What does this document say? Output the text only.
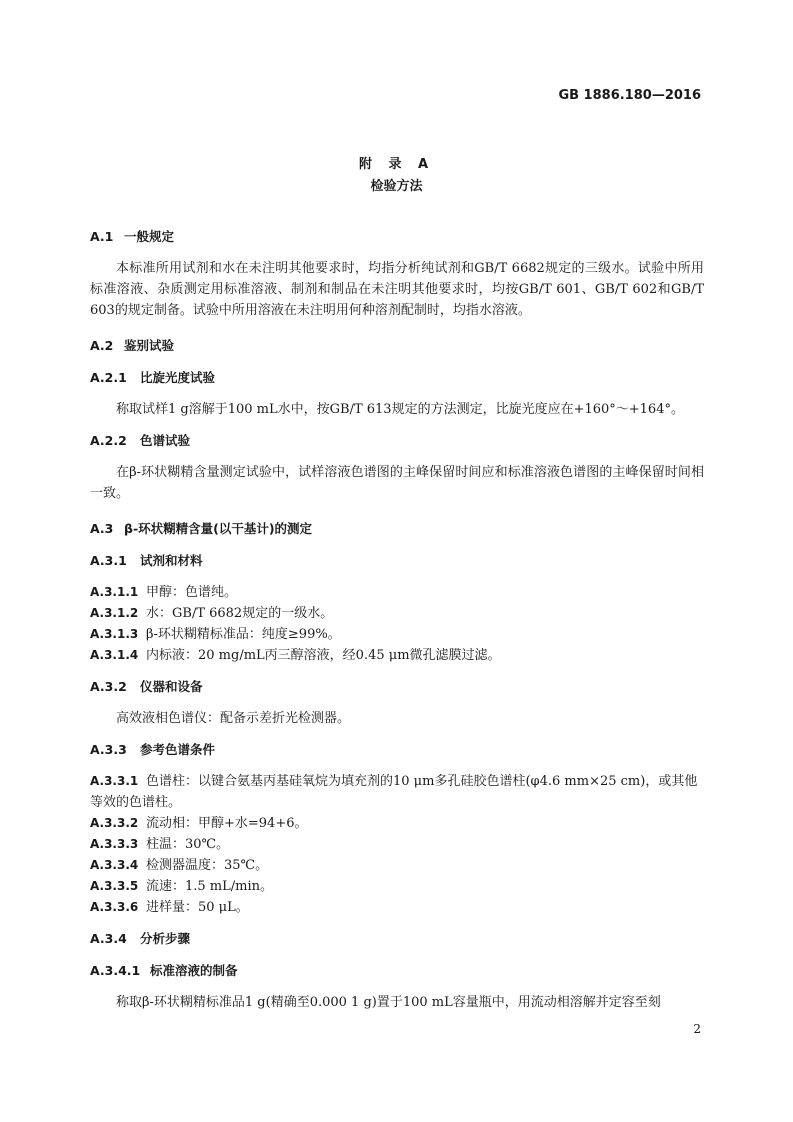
GB 1886.180—2016
附 录 A
检验方法
A.1 一般规定
本标准所用试剂和水在未注明其他要求时，均指分析纯试剂和GB/T 6682规定的三级水。试验中所用标准溶液、杂质测定用标准溶液、制剂和制品在未注明其他要求时，均按GB/T 601、GB/T 602和GB/T 603的规定制备。试验中所用溶液在未注明用何种溶剂配制时，均指水溶液。
A.2 鉴别试验
A.2.1 比旋光度试验
称取试样1 g溶解于100 mL水中，按GB/T 613规定的方法测定，比旋光度应在+160°～+164°。
A.2.2 色谱试验
在β-环状糊精含量测定试验中，试样溶液色谱图的主峰保留时间应和标准溶液色谱图的主峰保留时间相一致。
A.3 β-环状糊精含量(以干基计)的测定
A.3.1 试剂和材料
A.3.1.1 甲醇：色谱纯。
A.3.1.2 水：GB/T 6682规定的一级水。
A.3.1.3 β-环状糊精标准品：纯度≥99%。
A.3.1.4 内标液：20 mg/mL丙三醇溶液，经0.45 μm微孔滤膜过滤。
A.3.2 仪器和设备
高效液相色谱仪：配备示差折光检测器。
A.3.3 参考色谱条件
A.3.3.1 色谱柱：以键合氨基丙基硅氧烷为填充剂的10 μm多孔硅胶色谱柱(φ4.6 mm×25 cm)，或其他等效的色谱柱。
A.3.3.2 流动相：甲醇+水=94+6。
A.3.3.3 柱温：30℃。
A.3.3.4 检测器温度：35℃。
A.3.3.5 流速：1.5 mL/min。
A.3.3.6 进样量：50 μL。
A.3.4 分析步骤
A.3.4.1 标准溶液的制备
称取β-环状糊精标准品1 g(精确至0.000 1 g)置于100 mL容量瓶中，用流动相溶解并定容至刻
2
